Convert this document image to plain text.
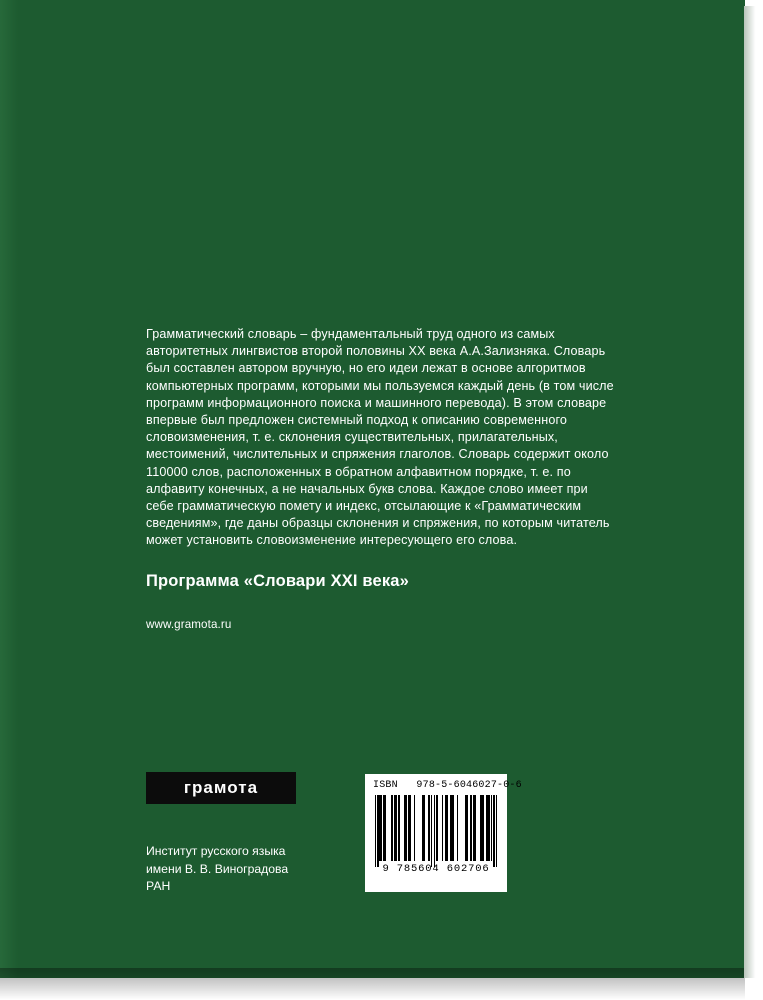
Грамматический словарь – фундаментальный труд одного из самых авторитетных лингвистов второй половины XX века А.А.Зализняка. Словарь был составлен автором вручную, но его идеи лежат в основе алгоритмов компьютерных программ, которыми мы пользуемся каждый день (в том числе программ информационного поиска и машинного перевода). В этом словаре впервые был предложен системный подход к описанию современного словоизменения, т. е. склонения существительных, прилагательных, местоимений, числительных и спряжения глаголов. Словарь содержит около 110000 слов, расположенных в обратном алфавитном порядке, т. е. по алфавиту конечных, а не начальных букв слова. Каждое слово имеет при себе грамматическую помету и индекс, отсылающие к «Грамматическим сведениям», где даны образцы склонения и спряжения, по которым читатель может установить словоизменение интересующего его слова.

Программа «Словари XXI века»
www.gramota.ru
грамота
Институт русского языка
имени В. В. Виноградова
РАН
ISBN 978-5-6046027-0-6
9 785604 602706
